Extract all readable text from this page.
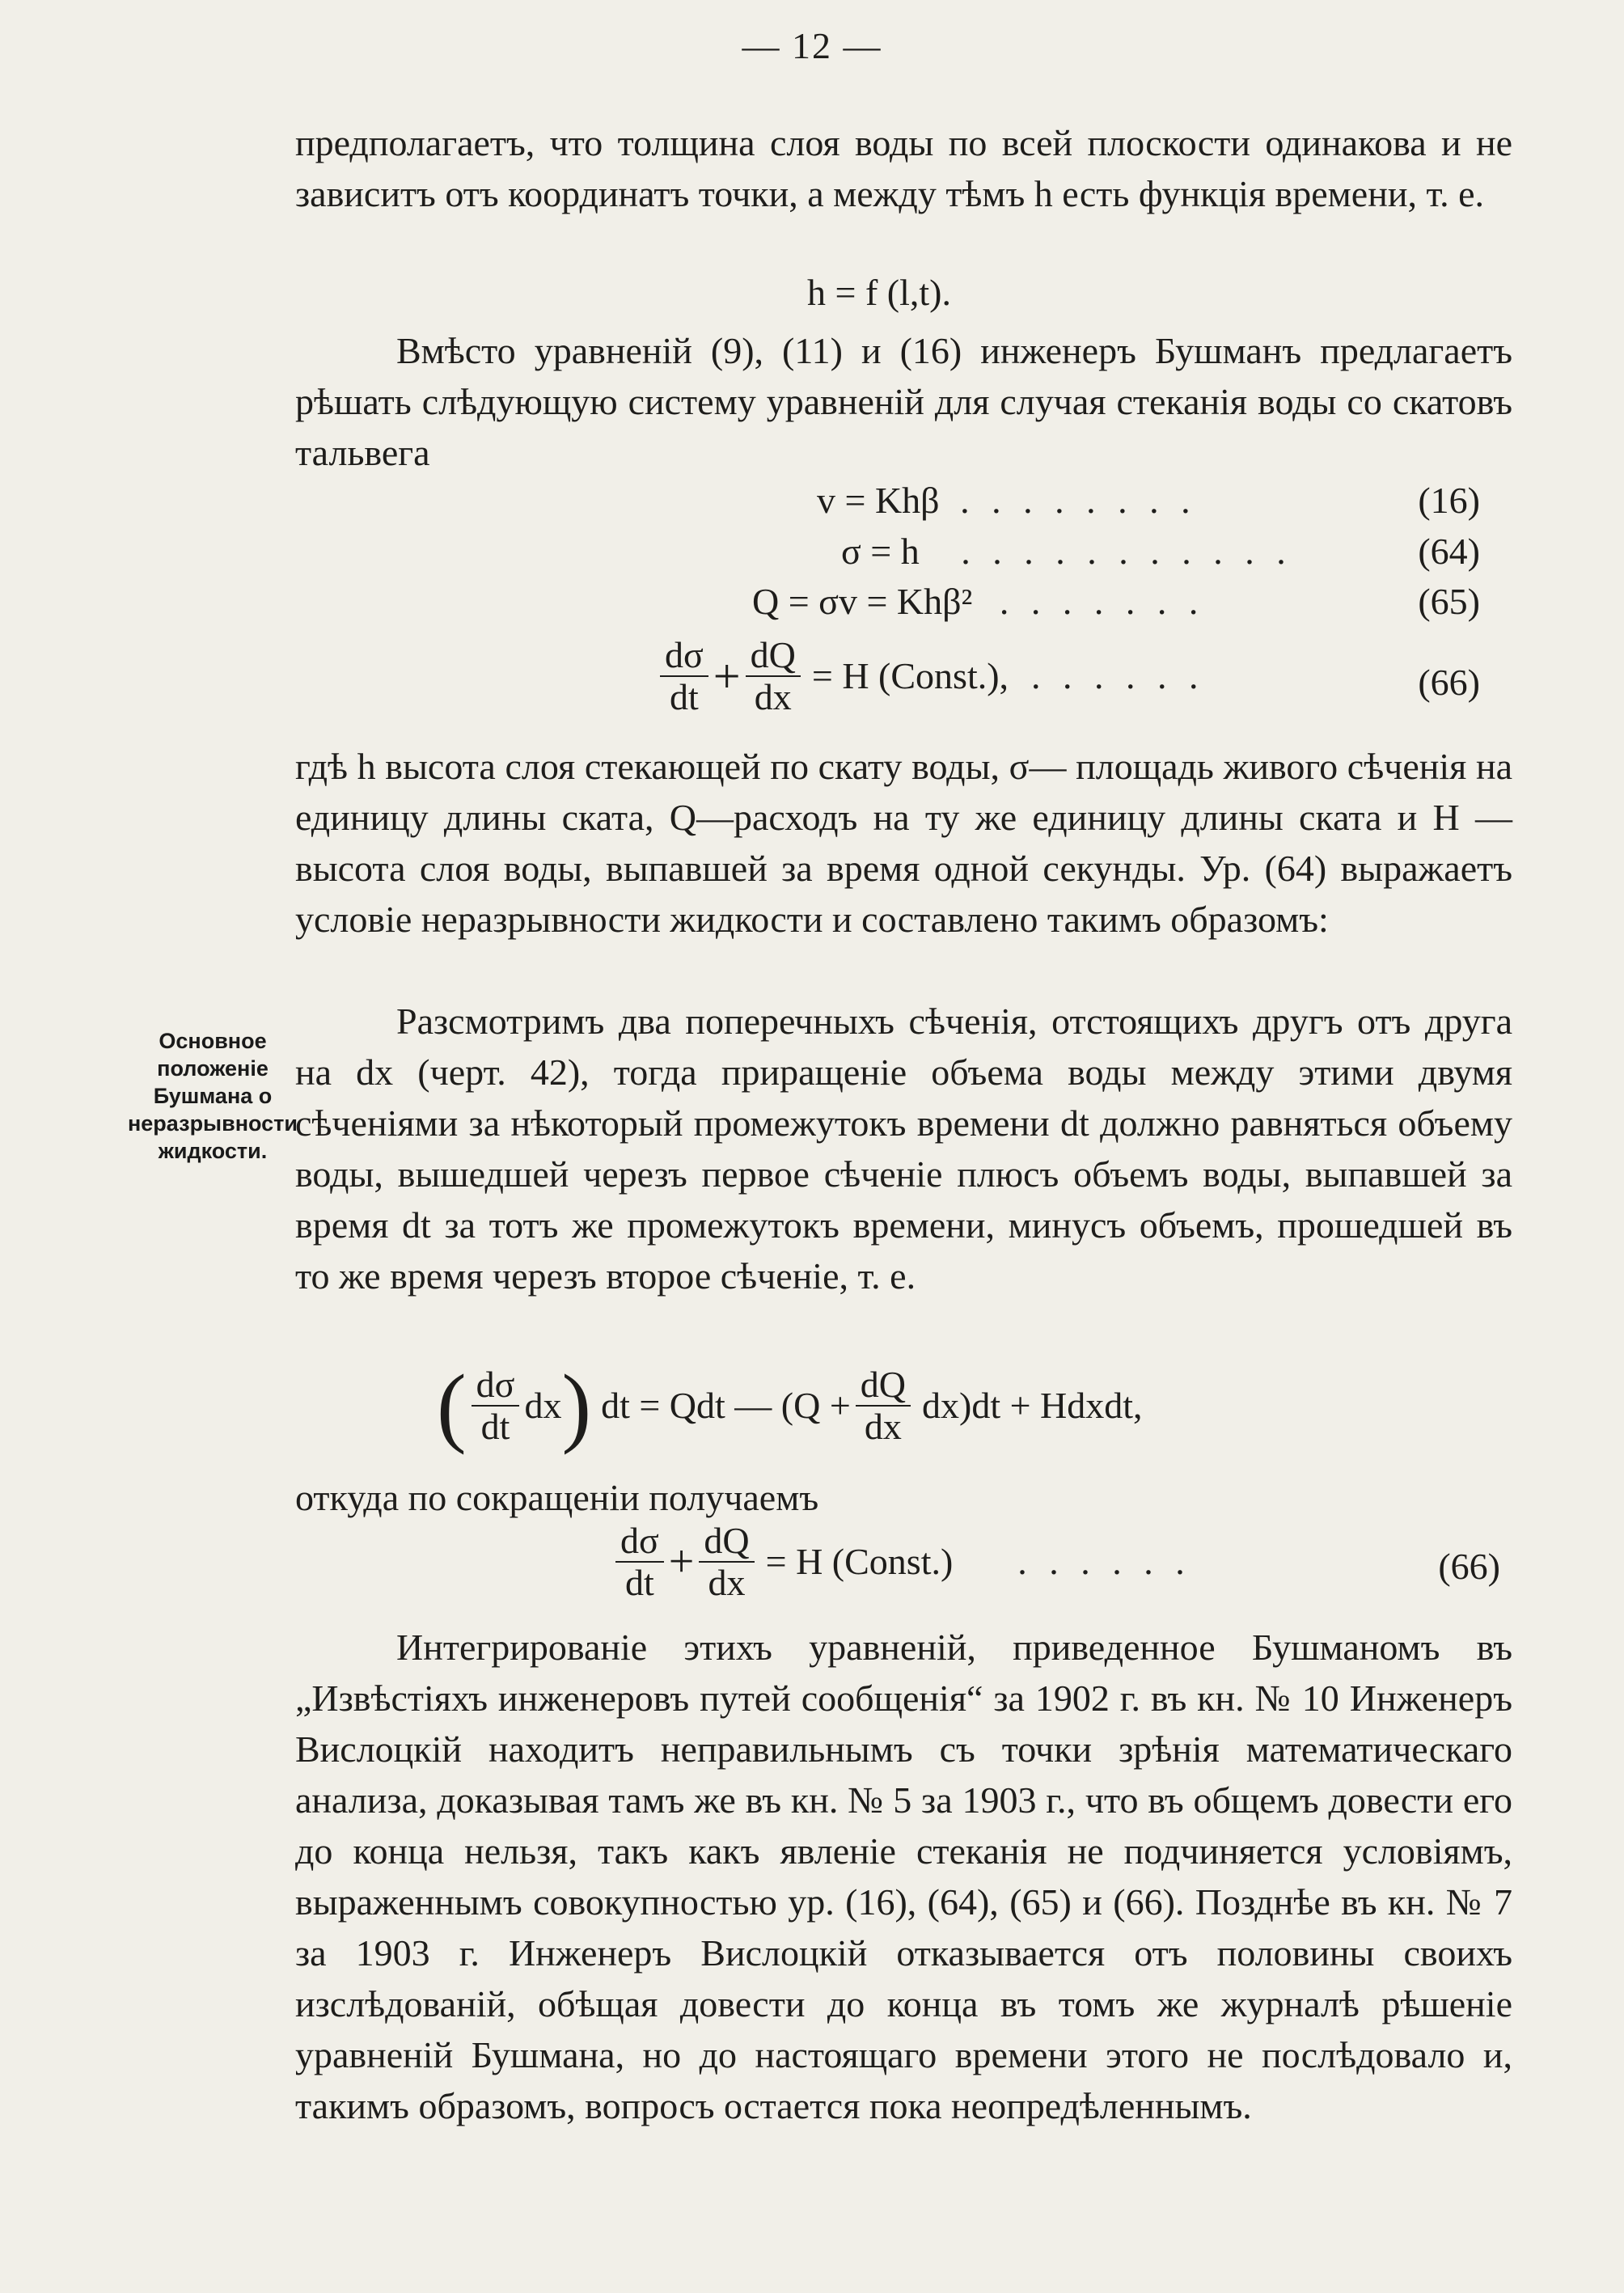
— 12 —
Основное положеніе Бушмана о неразрывности жидкости.

предполагаетъ, что толщина слоя воды по всей плоскости одинакова и не зависитъ отъ координатъ точки, а между тѣмъ h есть функція времени, т. е.

h = f (l,t).

Вмѣсто уравненій (9), (11) и (16) инженеръ Бушманъ предлагаетъ рѣшать слѣдующую систему уравненій для случая стеканія воды со скатовъ тальвега

v = Khβ . . . . . . . .	(16)
σ = h . . . . . . . . . . .	(64)
Q = σv = Khβ² . . . . . . .	(65)
$\frac{d\sigma}{dt} + \frac{dQ}{dx} = H$ (Const.), . . . . . .	(66)

гдѣ h высота слоя стекающей по скату воды, σ— площадь живого сѣченія на единицу длины ската, Q—расходъ на ту же единицу длины ската и H —высота слоя воды, выпавшей за время одной секунды. Ур. (64) выражаетъ условіе неразрывности жидкости и составлено такимъ образомъ:

Разсмотримъ два поперечныхъ сѣченія, отстоящихъ другъ отъ друга на dx (черт. 42), тогда приращеніе объема воды между этими двумя сѣченіями за нѣкоторый промежутокъ времени dt должно равняться объему воды, вышедшей черезъ первое сѣченіе плюсъ объемъ воды, выпавшей за время dt за тотъ же промежутокъ времени, минусъ объемъ, прошедшей въ то же время черезъ второе сѣченіе, т. е.

( $\frac{d\sigma}{dt}$ dx ) dt = Qdt — $(Q + \frac{dQ}{dx} dx)dt$ + Hdxdt,

откуда по сокращеніи получаемъ

$\frac{d\sigma}{dt} + \frac{dQ}{dx} = H$ (Const.) . . . . . .	(66)

Интегрированіе этихъ уравненій, приведенное Бушманомъ въ „Извѣстіяхъ инженеровъ путей сообщенія“ за 1902 г. въ кн. № 10 Инженеръ Вислоцкій находитъ неправильнымъ съ точки зрѣнія математическаго анализа, доказывая тамъ же въ кн. № 5 за 1903 г., что въ общемъ довести его до конца нельзя, такъ какъ явленіе стеканія не подчиняется условіямъ, выраженнымъ совокупностью ур. (16), (64), (65) и (66). Позднѣе въ кн. № 7 за 1903 г. Инженеръ Вислоцкій отказывается отъ половины своихъ изслѣдованій, обѣщая довести до конца въ томъ же журналѣ рѣшеніе уравненій Бушмана, но до настоящаго времени этого не послѣдовало и, такимъ образомъ, вопросъ остается пока неопредѣленнымъ.
